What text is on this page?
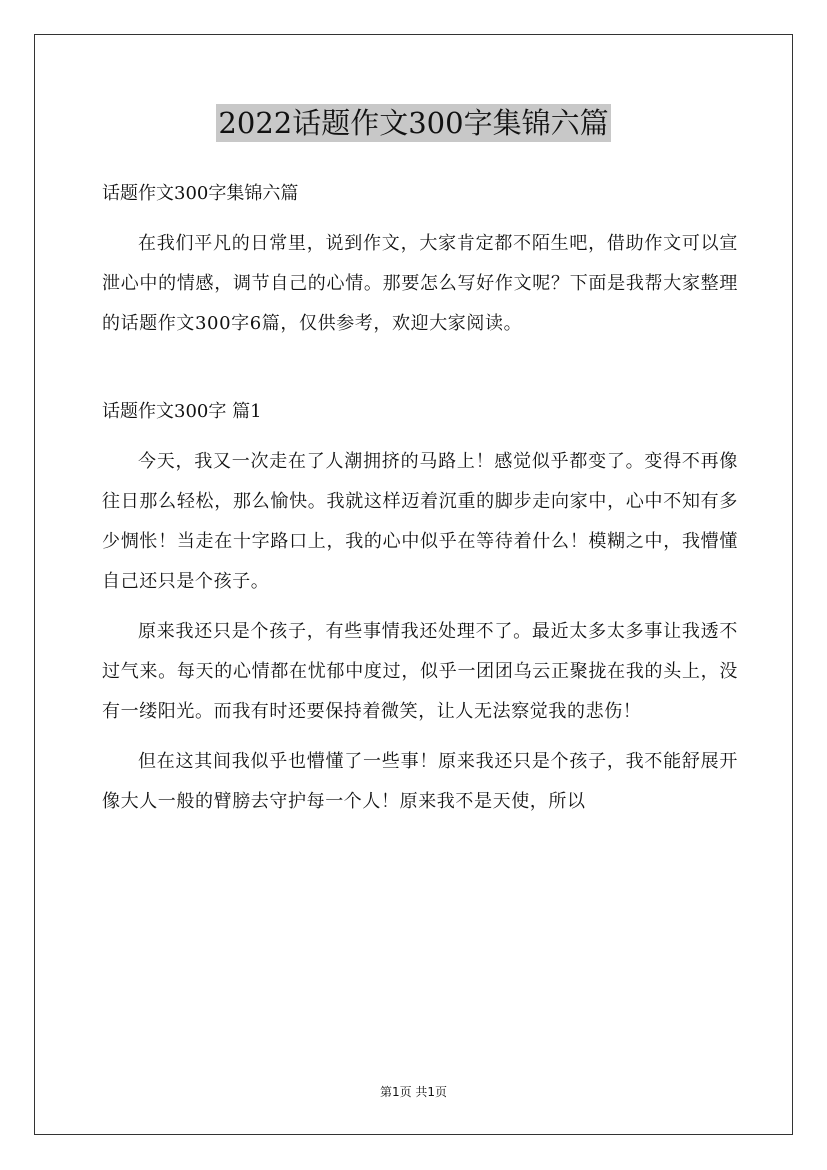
2022话题作文300字集锦六篇

话题作文300字集锦六篇

在我们平凡的日常里，说到作文，大家肯定都不陌生吧，借助作文可以宣泄心中的情感，调节自己的心情。那要怎么写好作文呢？下面是我帮大家整理的话题作文300字6篇，仅供参考，欢迎大家阅读。

话题作文300字 篇1

今天，我又一次走在了人潮拥挤的马路上！感觉似乎都变了。变得不再像往日那么轻松，那么愉快。我就这样迈着沉重的脚步走向家中，心中不知有多少惆怅！当走在十字路口上，我的心中似乎在等待着什么！模糊之中，我懵懂自己还只是个孩子。

原来我还只是个孩子，有些事情我还处理不了。最近太多太多事让我透不过气来。每天的心情都在忧郁中度过，似乎一团团乌云正聚拢在我的头上，没有一缕阳光。而我有时还要保持着微笑，让人无法察觉我的悲伤！

但在这其间我似乎也懵懂了一些事！原来我还只是个孩子，我不能舒展开像大人一般的臂膀去守护每一个人！原来我不是天使，所以

第1页 共1页
